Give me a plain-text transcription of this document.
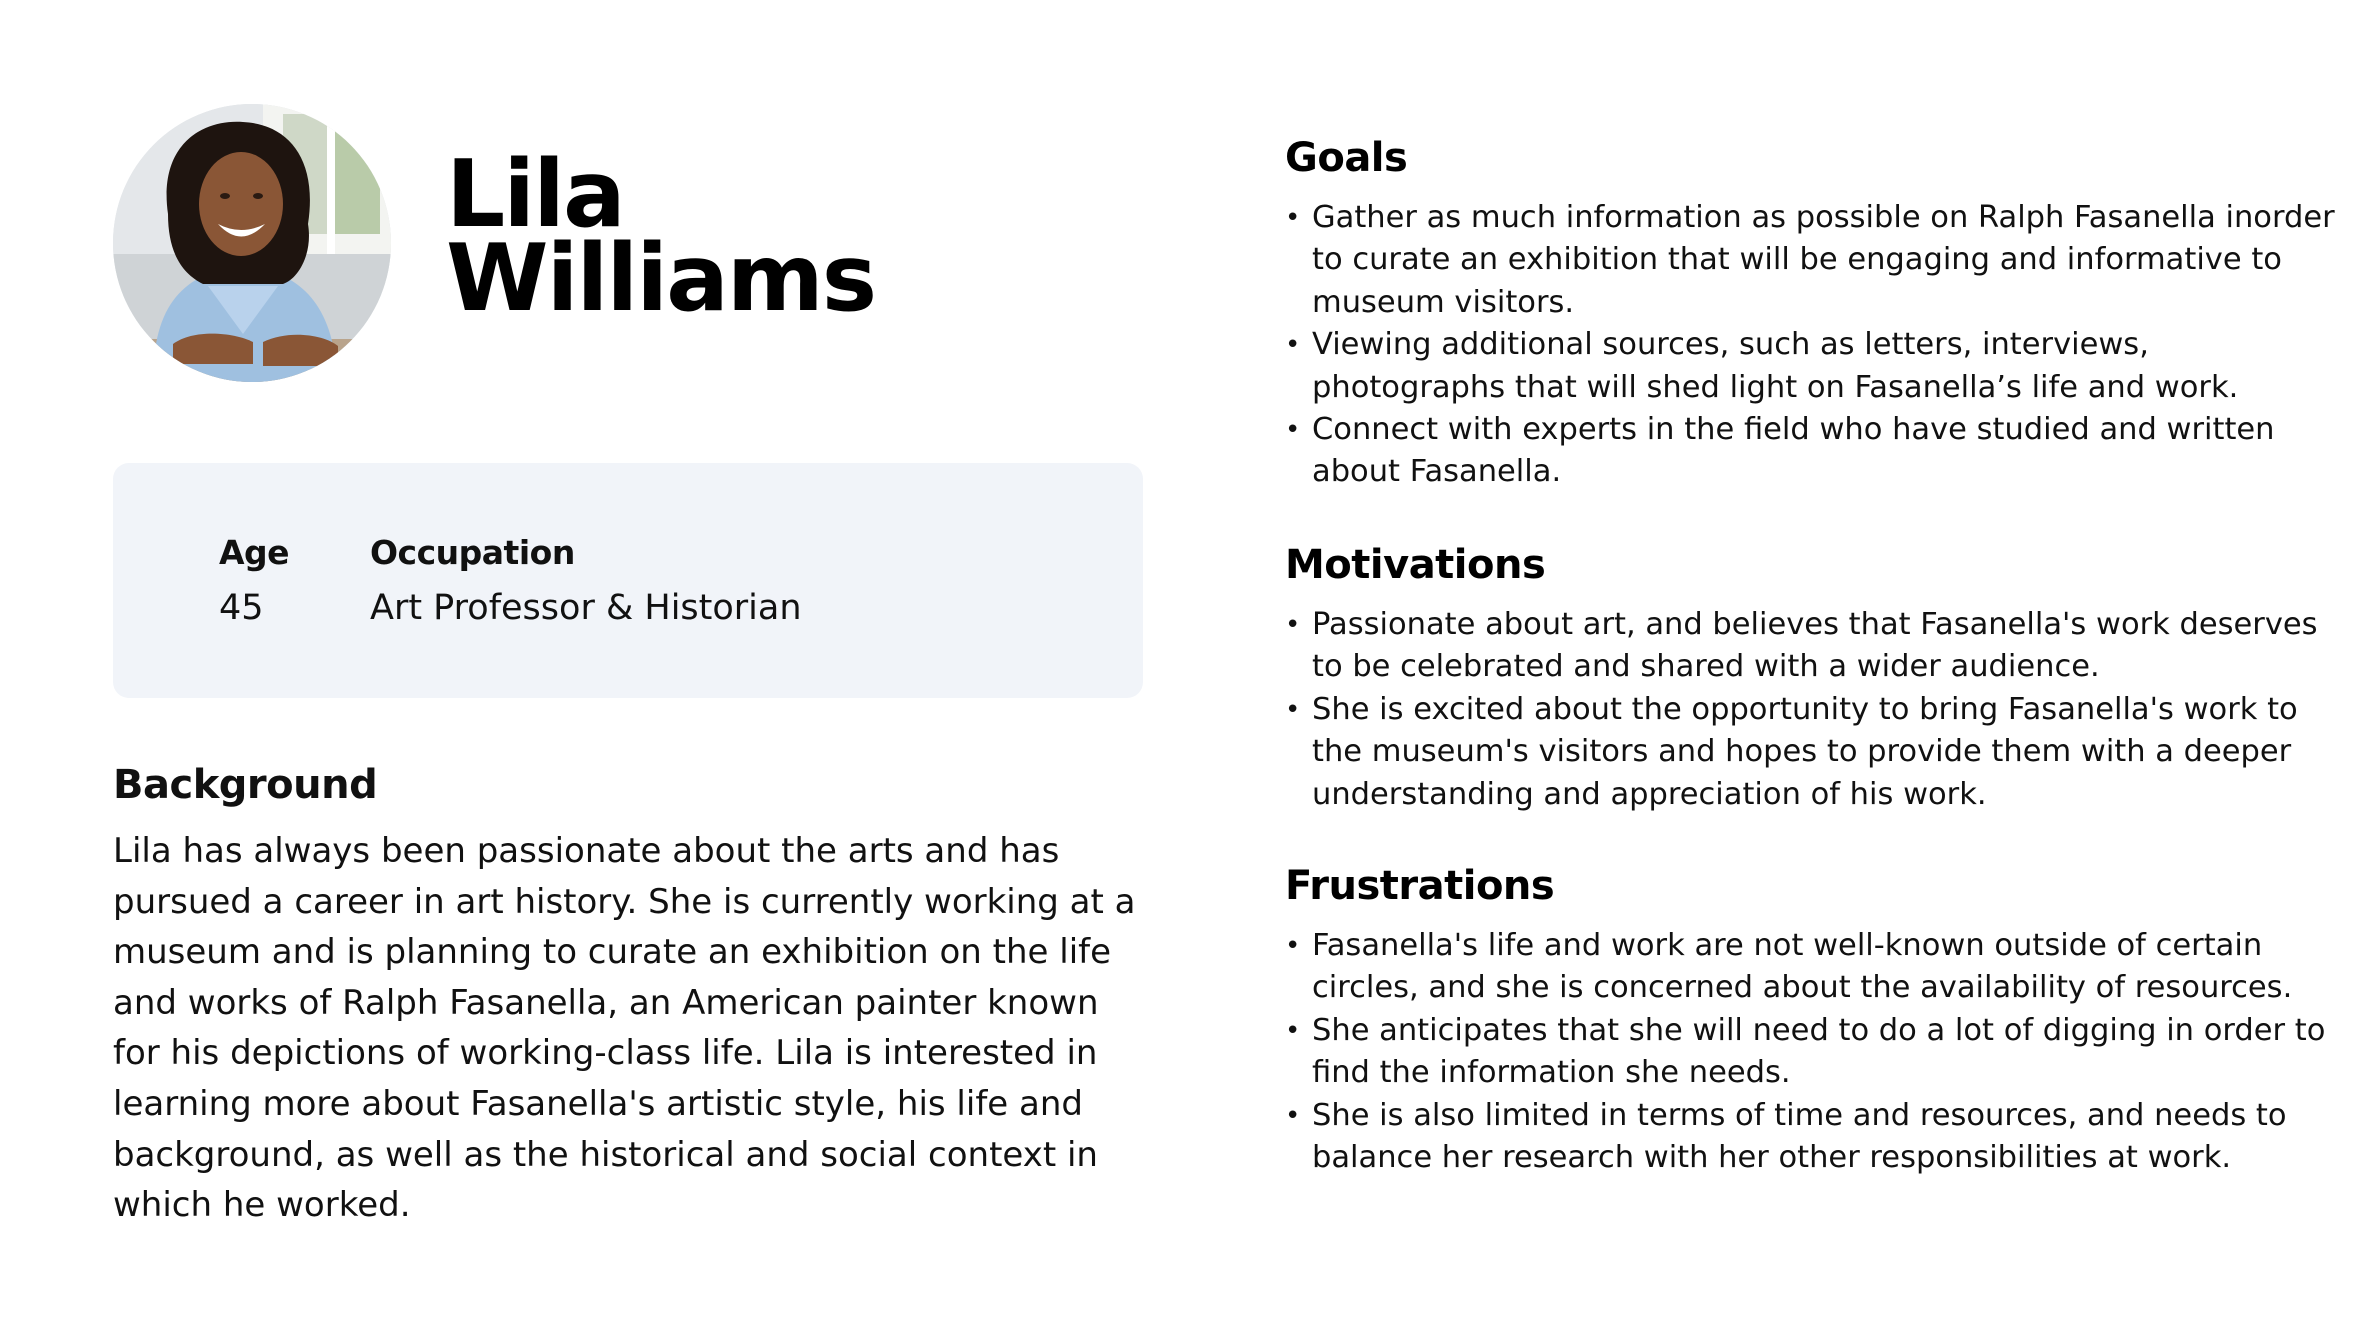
Lila
Williams
Age
45
Occupation
Art Professor & Historian
Background

Lila has always been passionate about the arts and has pursued a career in art history. She is currently working at a museum and is planning to curate an exhibition on the life and works of Ralph Fasanella, an American painter known for his depictions of working-class life. Lila is interested in learning more about Fasanella's artistic style, his life and background, as well as the historical and social context in which he worked.

Goals
• Gather as much information as possible on Ralph Fasanella inorder to curate an exhibition that will be engaging and informative to museum visitors.
• Viewing additional sources, such as letters, interviews, photographs that will shed light on Fasanella’s life and work.
• Connect with experts in the field who have studied and written about Fasanella.
Motivations
• Passionate about art, and believes that Fasanella's work deserves to be celebrated and shared with a wider audience.
• She is excited about the opportunity to bring Fasanella's work to the museum's visitors and hopes to provide them with a deeper understanding and appreciation of his work.
Frustrations
• Fasanella's life and work are not well-known outside of certain circles, and she is concerned about the availability of resources.
• She anticipates that she will need to do a lot of digging in order to find the information she needs.
• She is also limited in terms of time and resources, and needs to balance her research with her other responsibilities at work.
